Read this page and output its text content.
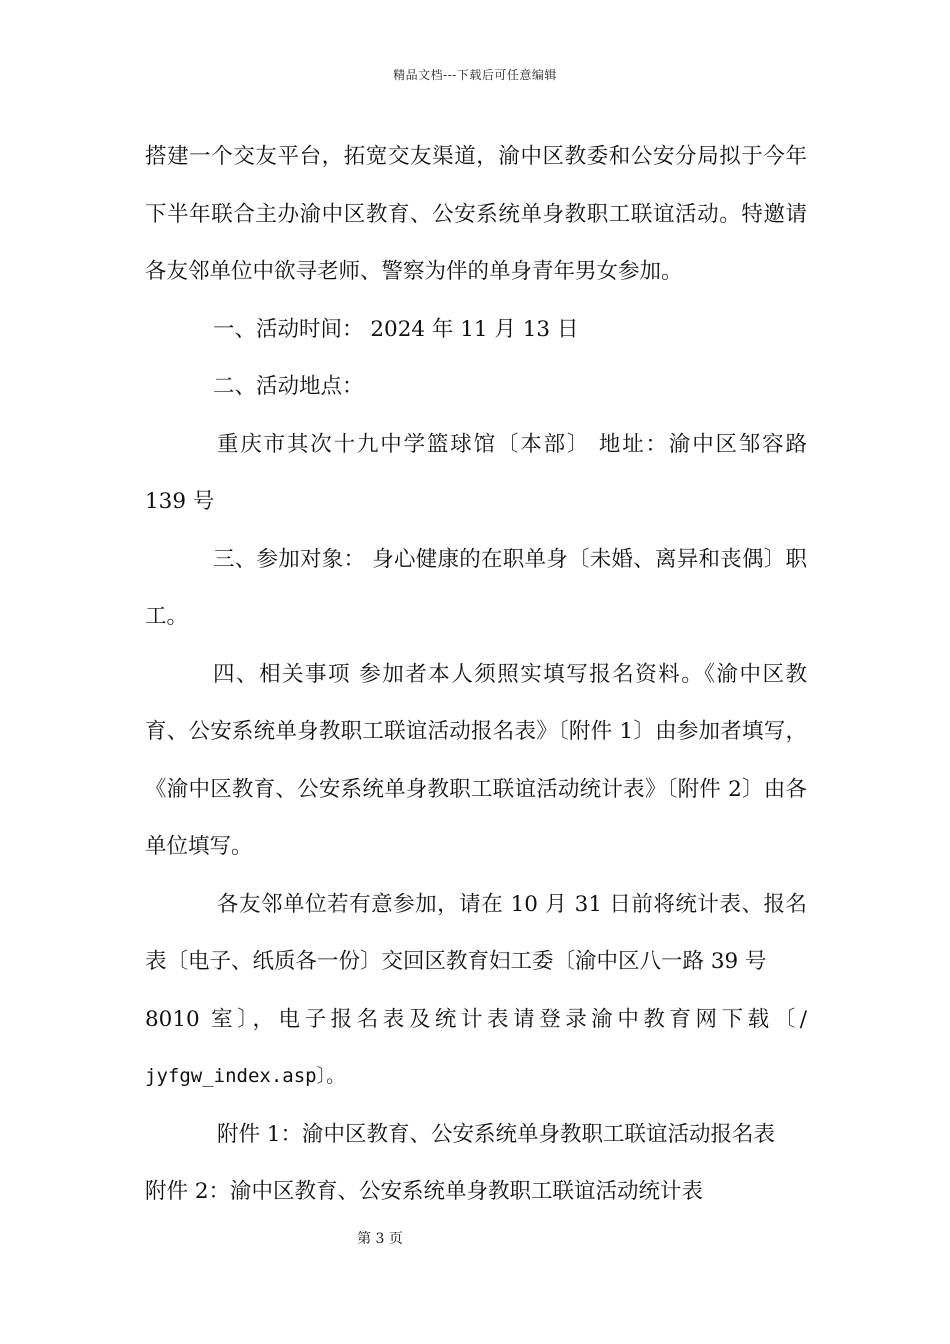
精品文档---下载后可任意编辑

搭建一个交友平台，拓宽交友渠道，渝中区教委和公安分局拟于今年下半年联合主办渝中区教育、公安系统单身教职工联谊活动。特邀请各友邻单位中欲寻老师、警察为伴的单身青年男女参加。

一、活动时间： 2024 年 11 月 13 日

二、活动地点：

重庆市其次十九中学篮球馆〔本部〕 地址：渝中区邹容路 139 号

三、参加对象： 身心健康的在职单身〔未婚、离异和丧偶〕职工。

四、相关事项 参加者本人须照实填写报名资料。《渝中区教育、公安系统单身教职工联谊活动报名表》〔附件 1〕由参加者填写，《渝中区教育、公安系统单身教职工联谊活动统计表》〔附件 2〕由各单位填写。

各友邻单位若有意参加，请在 10 月 31 日前将统计表、报名表〔电子、纸质各一份〕交回区教育妇工委〔渝中区八一路 39 号

8010 室〕，电子报名表及统计表请登录渝中教育网下载〔/

jyfgw_index.asp〕。

附件 1：渝中区教育、公安系统单身教职工联谊活动报名表

附件 2：渝中区教育、公安系统单身教职工联谊活动统计表

第 3 页
